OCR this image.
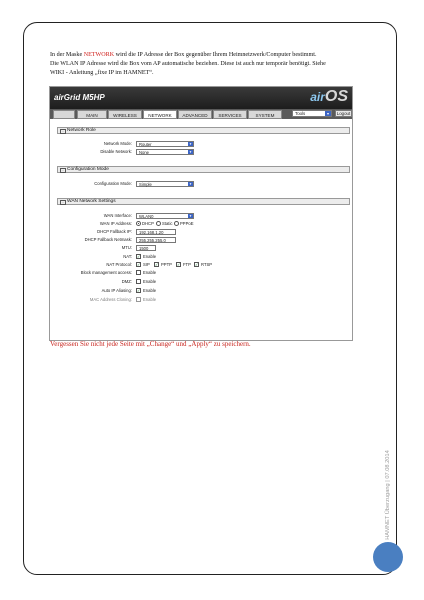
In der Maske NETWORK wird die IP Adresse der Box gegenüber Ihrem Heimnetzwerk/Computer bestimmt.
Die WLAN IP Adresse wird die Box vom AP automatische beziehen. Diese ist auch nur temporär benötigt. Siehe
WIKI - Anleitung „fixe IP im HAMNET“.
airGrid M5HP	airOS
MAIN	WIRELESS	NETWORK	ADVANCED	SERVICES	SYSTEM	Tools	▾	Logout
- Network Role
Network Mode:	Router	▾
Disable Network:	None	▾
- Configuration Mode
Configuration Mode:	Simple	▾
- WAN Network Settings
WAN Interface:	WLAN0	▾
WAN IP Address: DHCP Static PPPoE
DHCP Fallback IP:	192.168.1.20
DHCP Fallback Netmask:	255.255.255.0
MTU:	1500
NAT: ✓ Enable
NAT Protocol: ✓ SIP ✓ PPTP ✓ FTP ✓ RTSP
Block management access:	Enable
DMZ:	Enable
Auto IP Aliasing: ✓ Enable
MAC Address Cloning:	Enable
Vergessen Sie nicht jede Seite mit „Change“ und „Apply“ zu speichern.
HAMNET Überzugang | 07.08.2014
